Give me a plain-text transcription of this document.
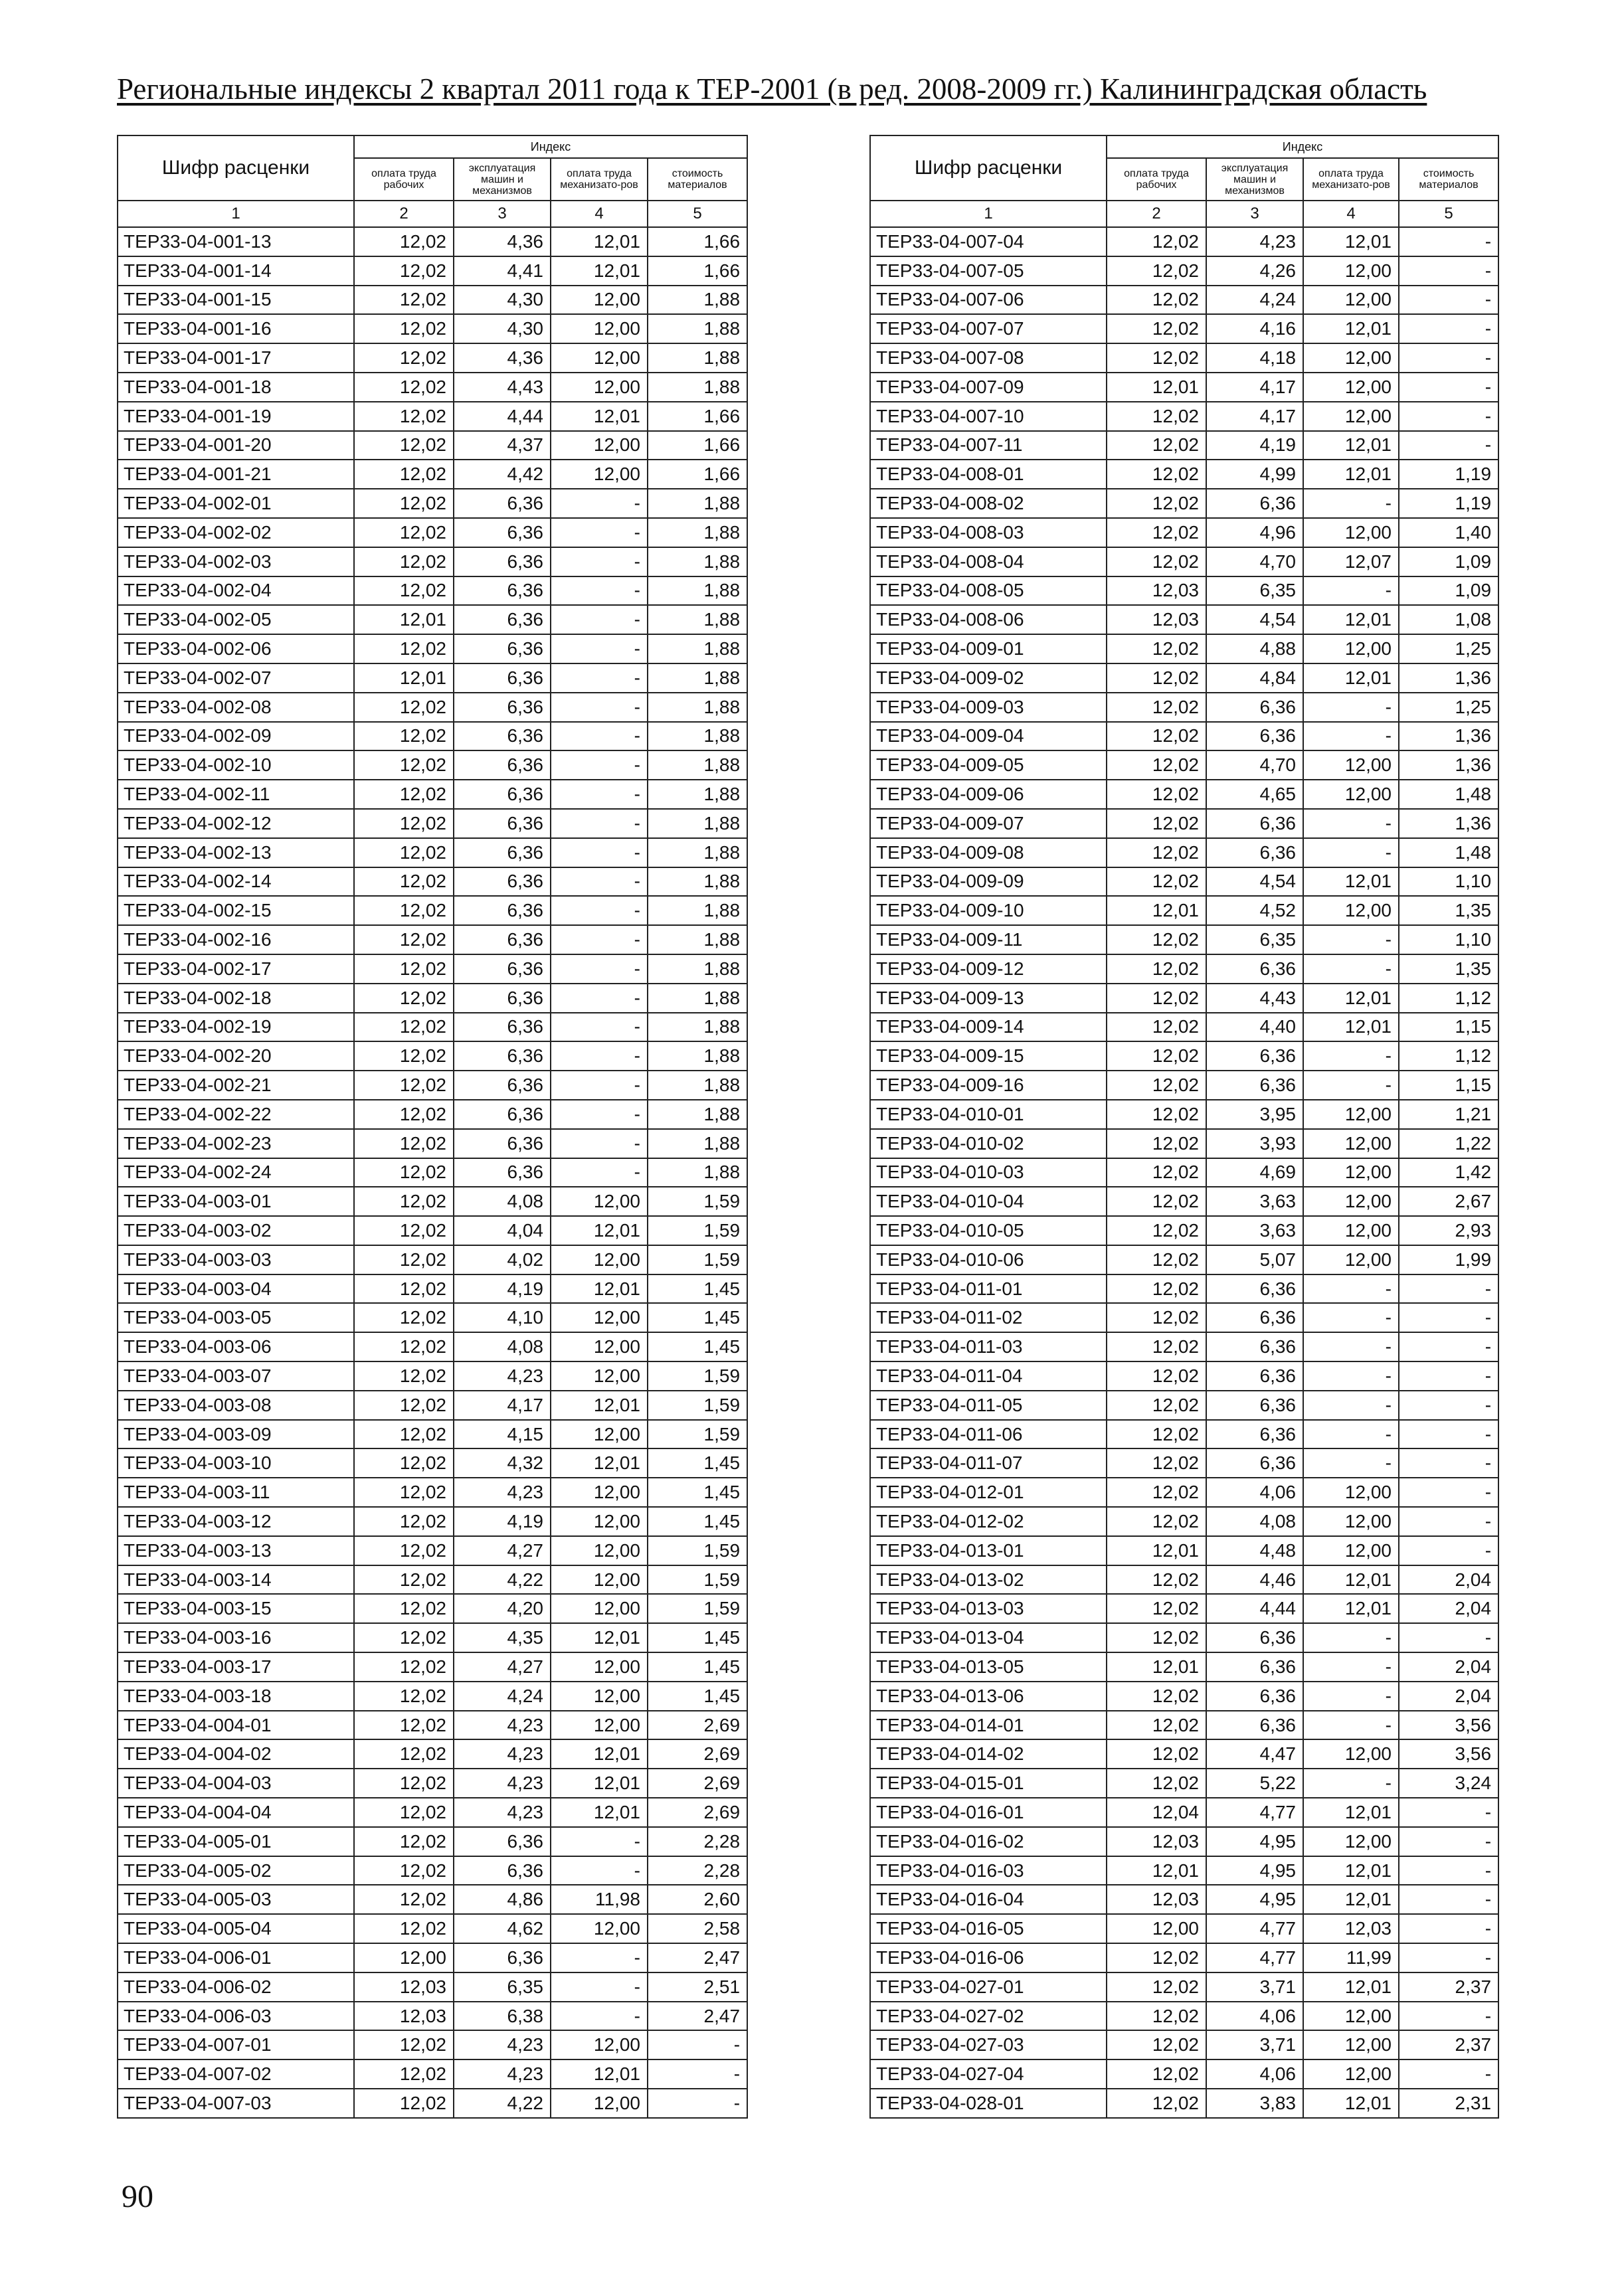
Региональные индексы 2 квартал 2011 года к ТЕР-2001 (в ред. 2008-2009 гг.) Калининградская область
Шифр расценки	Индекс			
	оплата труда рабочих	эксплуатация машин и механизмов	оплата труда механизато-ров	стоимость материалов
1	2	3	4	5
ТЕР33-04-001-13	12,02	4,36	12,01	1,66
ТЕР33-04-001-14	12,02	4,41	12,01	1,66
ТЕР33-04-001-15	12,02	4,30	12,00	1,88
ТЕР33-04-001-16	12,02	4,30	12,00	1,88
ТЕР33-04-001-17	12,02	4,36	12,00	1,88
ТЕР33-04-001-18	12,02	4,43	12,00	1,88
ТЕР33-04-001-19	12,02	4,44	12,01	1,66
ТЕР33-04-001-20	12,02	4,37	12,00	1,66
ТЕР33-04-001-21	12,02	4,42	12,00	1,66
ТЕР33-04-002-01	12,02	6,36	-	1,88
ТЕР33-04-002-02	12,02	6,36	-	1,88
ТЕР33-04-002-03	12,02	6,36	-	1,88
ТЕР33-04-002-04	12,02	6,36	-	1,88
ТЕР33-04-002-05	12,01	6,36	-	1,88
ТЕР33-04-002-06	12,02	6,36	-	1,88
ТЕР33-04-002-07	12,01	6,36	-	1,88
ТЕР33-04-002-08	12,02	6,36	-	1,88
ТЕР33-04-002-09	12,02	6,36	-	1,88
ТЕР33-04-002-10	12,02	6,36	-	1,88
ТЕР33-04-002-11	12,02	6,36	-	1,88
ТЕР33-04-002-12	12,02	6,36	-	1,88
ТЕР33-04-002-13	12,02	6,36	-	1,88
ТЕР33-04-002-14	12,02	6,36	-	1,88
ТЕР33-04-002-15	12,02	6,36	-	1,88
ТЕР33-04-002-16	12,02	6,36	-	1,88
ТЕР33-04-002-17	12,02	6,36	-	1,88
ТЕР33-04-002-18	12,02	6,36	-	1,88
ТЕР33-04-002-19	12,02	6,36	-	1,88
ТЕР33-04-002-20	12,02	6,36	-	1,88
ТЕР33-04-002-21	12,02	6,36	-	1,88
ТЕР33-04-002-22	12,02	6,36	-	1,88
ТЕР33-04-002-23	12,02	6,36	-	1,88
ТЕР33-04-002-24	12,02	6,36	-	1,88
ТЕР33-04-003-01	12,02	4,08	12,00	1,59
ТЕР33-04-003-02	12,02	4,04	12,01	1,59
ТЕР33-04-003-03	12,02	4,02	12,00	1,59
ТЕР33-04-003-04	12,02	4,19	12,01	1,45
ТЕР33-04-003-05	12,02	4,10	12,00	1,45
ТЕР33-04-003-06	12,02	4,08	12,00	1,45
ТЕР33-04-003-07	12,02	4,23	12,00	1,59
ТЕР33-04-003-08	12,02	4,17	12,01	1,59
ТЕР33-04-003-09	12,02	4,15	12,00	1,59
ТЕР33-04-003-10	12,02	4,32	12,01	1,45
ТЕР33-04-003-11	12,02	4,23	12,00	1,45
ТЕР33-04-003-12	12,02	4,19	12,00	1,45
ТЕР33-04-003-13	12,02	4,27	12,00	1,59
ТЕР33-04-003-14	12,02	4,22	12,00	1,59
ТЕР33-04-003-15	12,02	4,20	12,00	1,59
ТЕР33-04-003-16	12,02	4,35	12,01	1,45
ТЕР33-04-003-17	12,02	4,27	12,00	1,45
ТЕР33-04-003-18	12,02	4,24	12,00	1,45
ТЕР33-04-004-01	12,02	4,23	12,00	2,69
ТЕР33-04-004-02	12,02	4,23	12,01	2,69
ТЕР33-04-004-03	12,02	4,23	12,01	2,69
ТЕР33-04-004-04	12,02	4,23	12,01	2,69
ТЕР33-04-005-01	12,02	6,36	-	2,28
ТЕР33-04-005-02	12,02	6,36	-	2,28
ТЕР33-04-005-03	12,02	4,86	11,98	2,60
ТЕР33-04-005-04	12,02	4,62	12,00	2,58
ТЕР33-04-006-01	12,00	6,36	-	2,47
ТЕР33-04-006-02	12,03	6,35	-	2,51
ТЕР33-04-006-03	12,03	6,38	-	2,47
ТЕР33-04-007-01	12,02	4,23	12,00	-
ТЕР33-04-007-02	12,02	4,23	12,01	-
ТЕР33-04-007-03	12,02	4,22	12,00	-
Шифр расценки	Индекс			
	оплата труда рабочих	эксплуатация машин и механизмов	оплата труда механизато-ров	стоимость материалов
1	2	3	4	5
ТЕР33-04-007-04	12,02	4,23	12,01	-
ТЕР33-04-007-05	12,02	4,26	12,00	-
ТЕР33-04-007-06	12,02	4,24	12,00	-
ТЕР33-04-007-07	12,02	4,16	12,01	-
ТЕР33-04-007-08	12,02	4,18	12,00	-
ТЕР33-04-007-09	12,01	4,17	12,00	-
ТЕР33-04-007-10	12,02	4,17	12,00	-
ТЕР33-04-007-11	12,02	4,19	12,01	-
ТЕР33-04-008-01	12,02	4,99	12,01	1,19
ТЕР33-04-008-02	12,02	6,36	-	1,19
ТЕР33-04-008-03	12,02	4,96	12,00	1,40
ТЕР33-04-008-04	12,02	4,70	12,07	1,09
ТЕР33-04-008-05	12,03	6,35	-	1,09
ТЕР33-04-008-06	12,03	4,54	12,01	1,08
ТЕР33-04-009-01	12,02	4,88	12,00	1,25
ТЕР33-04-009-02	12,02	4,84	12,01	1,36
ТЕР33-04-009-03	12,02	6,36	-	1,25
ТЕР33-04-009-04	12,02	6,36	-	1,36
ТЕР33-04-009-05	12,02	4,70	12,00	1,36
ТЕР33-04-009-06	12,02	4,65	12,00	1,48
ТЕР33-04-009-07	12,02	6,36	-	1,36
ТЕР33-04-009-08	12,02	6,36	-	1,48
ТЕР33-04-009-09	12,02	4,54	12,01	1,10
ТЕР33-04-009-10	12,01	4,52	12,00	1,35
ТЕР33-04-009-11	12,02	6,35	-	1,10
ТЕР33-04-009-12	12,02	6,36	-	1,35
ТЕР33-04-009-13	12,02	4,43	12,01	1,12
ТЕР33-04-009-14	12,02	4,40	12,01	1,15
ТЕР33-04-009-15	12,02	6,36	-	1,12
ТЕР33-04-009-16	12,02	6,36	-	1,15
ТЕР33-04-010-01	12,02	3,95	12,00	1,21
ТЕР33-04-010-02	12,02	3,93	12,00	1,22
ТЕР33-04-010-03	12,02	4,69	12,00	1,42
ТЕР33-04-010-04	12,02	3,63	12,00	2,67
ТЕР33-04-010-05	12,02	3,63	12,00	2,93
ТЕР33-04-010-06	12,02	5,07	12,00	1,99
ТЕР33-04-011-01	12,02	6,36	-	-
ТЕР33-04-011-02	12,02	6,36	-	-
ТЕР33-04-011-03	12,02	6,36	-	-
ТЕР33-04-011-04	12,02	6,36	-	-
ТЕР33-04-011-05	12,02	6,36	-	-
ТЕР33-04-011-06	12,02	6,36	-	-
ТЕР33-04-011-07	12,02	6,36	-	-
ТЕР33-04-012-01	12,02	4,06	12,00	-
ТЕР33-04-012-02	12,02	4,08	12,00	-
ТЕР33-04-013-01	12,01	4,48	12,00	-
ТЕР33-04-013-02	12,02	4,46	12,01	2,04
ТЕР33-04-013-03	12,02	4,44	12,01	2,04
ТЕР33-04-013-04	12,02	6,36	-	-
ТЕР33-04-013-05	12,01	6,36	-	2,04
ТЕР33-04-013-06	12,02	6,36	-	2,04
ТЕР33-04-014-01	12,02	6,36	-	3,56
ТЕР33-04-014-02	12,02	4,47	12,00	3,56
ТЕР33-04-015-01	12,02	5,22	-	3,24
ТЕР33-04-016-01	12,04	4,77	12,01	-
ТЕР33-04-016-02	12,03	4,95	12,00	-
ТЕР33-04-016-03	12,01	4,95	12,01	-
ТЕР33-04-016-04	12,03	4,95	12,01	-
ТЕР33-04-016-05	12,00	4,77	12,03	-
ТЕР33-04-016-06	12,02	4,77	11,99	-
ТЕР33-04-027-01	12,02	3,71	12,01	2,37
ТЕР33-04-027-02	12,02	4,06	12,00	-
ТЕР33-04-027-03	12,02	3,71	12,00	2,37
ТЕР33-04-027-04	12,02	4,06	12,00	-
ТЕР33-04-028-01	12,02	3,83	12,01	2,31
90
